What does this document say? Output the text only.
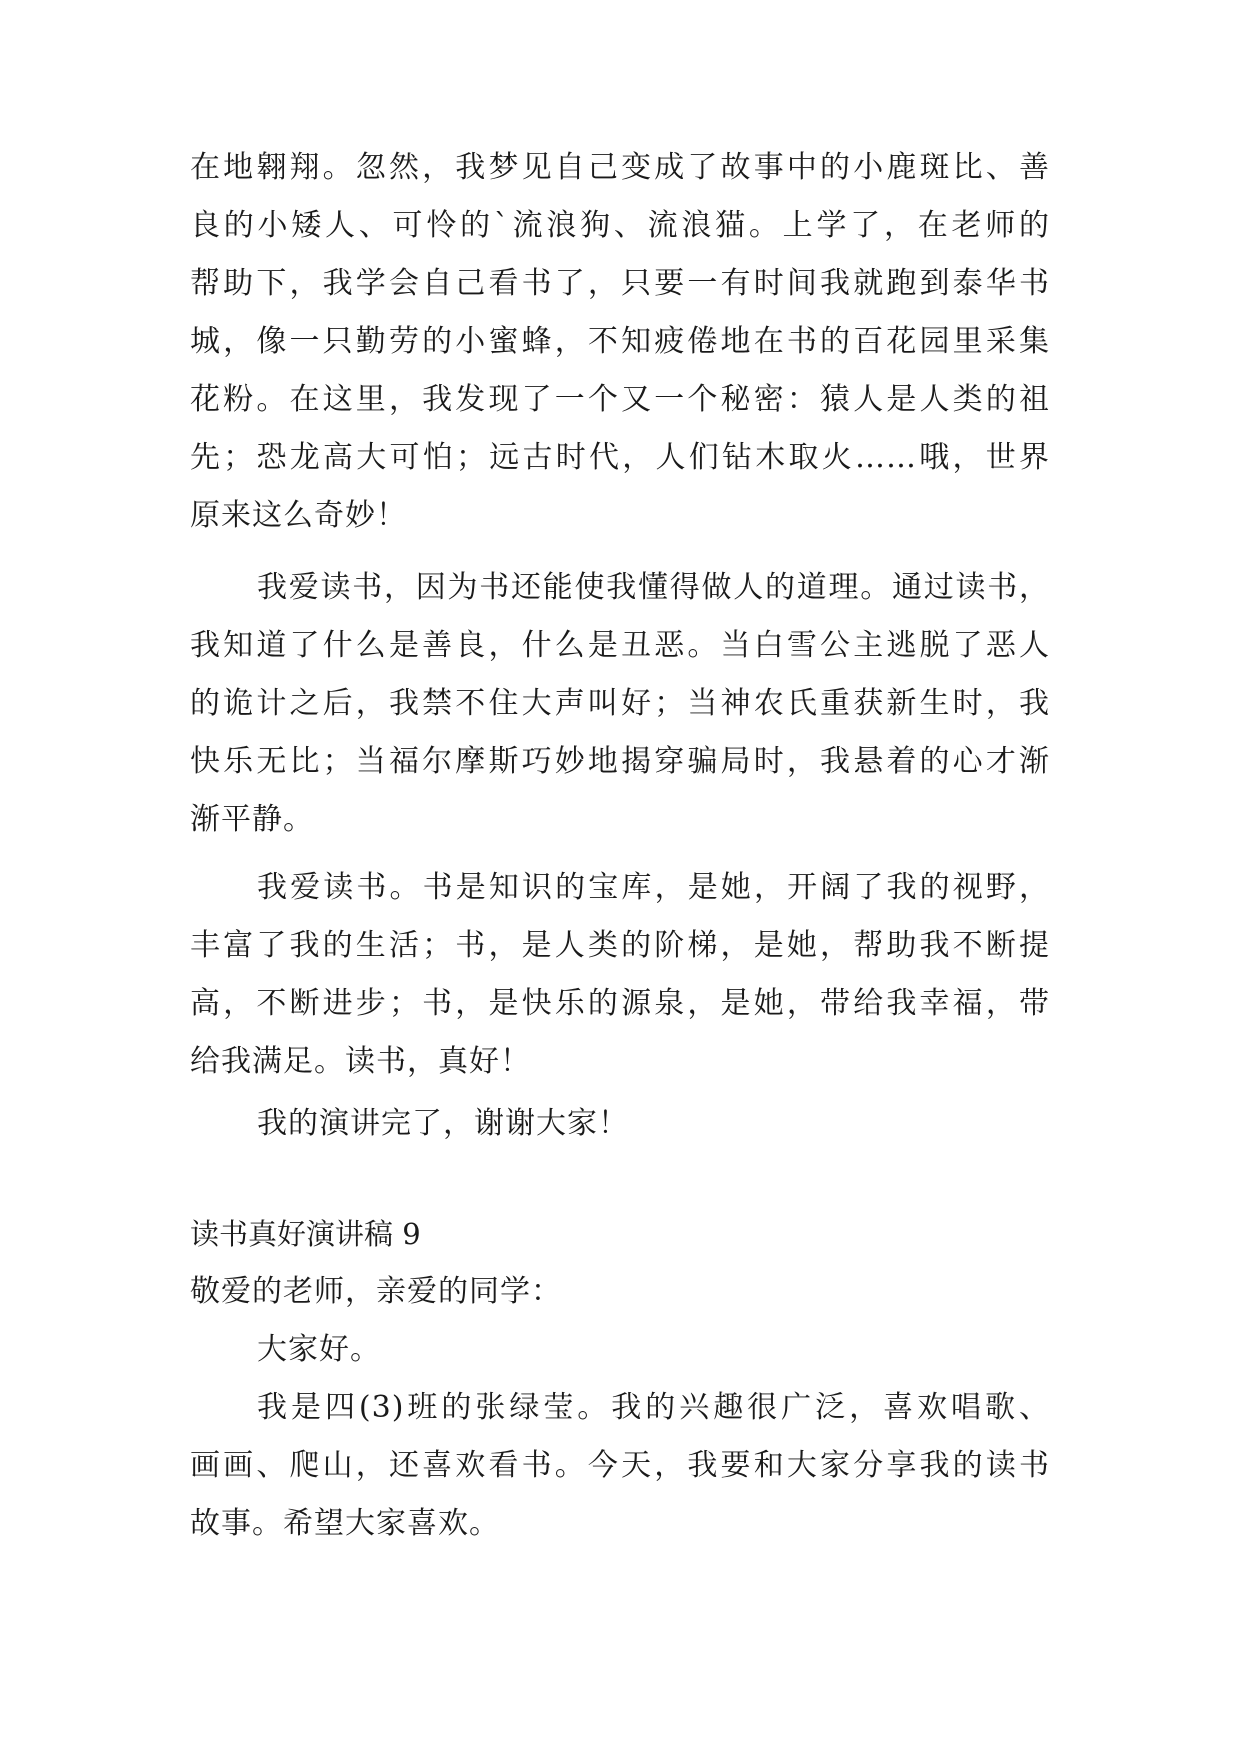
在地翱翔。忽然，我梦见自己变成了故事中的小鹿斑比、善
良的小矮人、可怜的`流浪狗、流浪猫。上学了，在老师的
帮助下，我学会自己看书了，只要一有时间我就跑到泰华书
城，像一只勤劳的小蜜蜂，不知疲倦地在书的百花园里采集
花粉。在这里，我发现了一个又一个秘密：猿人是人类的祖
先；恐龙高大可怕；远古时代，人们钻木取火……哦，世界
原来这么奇妙！
我爱读书，因为书还能使我懂得做人的道理。通过读书，
我知道了什么是善良，什么是丑恶。当白雪公主逃脱了恶人
的诡计之后，我禁不住大声叫好；当神农氏重获新生时，我
快乐无比；当福尔摩斯巧妙地揭穿骗局时，我悬着的心才渐
渐平静。
我爱读书。书是知识的宝库，是她，开阔了我的视野，
丰富了我的生活；书，是人类的阶梯，是她，帮助我不断提
高，不断进步；书，是快乐的源泉，是她，带给我幸福，带
给我满足。读书，真好！
我的演讲完了，谢谢大家！
读书真好演讲稿 9
敬爱的老师，亲爱的同学：
大家好。
我是四(3)班的张绿莹。我的兴趣很广泛，喜欢唱歌、
画画、爬山，还喜欢看书。今天，我要和大家分享我的读书
故事。希望大家喜欢。
